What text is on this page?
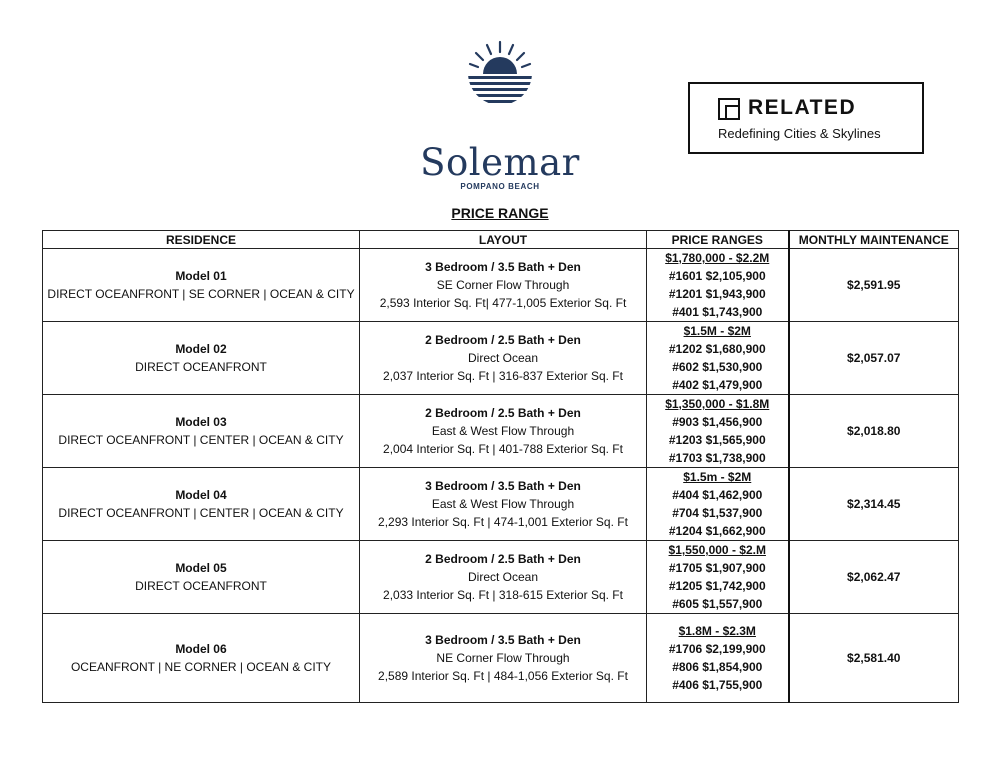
Solemar
POMPANO BEACH
RELATED
Redefining Cities & Skylines
PRICE RANGE
RESIDENCE	LAYOUT	PRICE RANGES	MONTHLY MAINTENANCE
Model 01
DIRECT OCEANFRONT | SE CORNER | OCEAN & CITY	3 Bedroom / 3.5 Bath + Den
SE Corner Flow Through
2,593 Interior Sq. Ft| 477-1,005 Exterior Sq. Ft	$1,780,000 - $2.2M
#1601 $2,105,900
#1201 $1,943,900
#401 $1,743,900	$2,591.95
Model 02
DIRECT OCEANFRONT	2 Bedroom / 2.5 Bath + Den
Direct Ocean
2,037 Interior Sq. Ft | 316-837 Exterior Sq. Ft	$1.5M - $2M
#1202 $1,680,900
#602 $1,530,900
#402 $1,479,900	$2,057.07
Model 03
DIRECT OCEANFRONT | CENTER | OCEAN & CITY	2 Bedroom / 2.5 Bath + Den
East & West Flow Through
2,004 Interior Sq. Ft | 401-788 Exterior Sq. Ft	$1,350,000 - $1.8M
#903 $1,456,900
#1203 $1,565,900
#1703 $1,738,900	$2,018.80
Model 04
DIRECT OCEANFRONT | CENTER | OCEAN & CITY	3 Bedroom / 3.5 Bath + Den
East & West Flow Through
2,293 Interior Sq. Ft | 474-1,001 Exterior Sq. Ft	$1.5m - $2M
#404 $1,462,900
#704 $1,537,900
#1204 $1,662,900	$2,314.45
Model 05
DIRECT OCEANFRONT	2 Bedroom / 2.5 Bath + Den
Direct Ocean
2,033 Interior Sq. Ft | 318-615 Exterior Sq. Ft	$1,550,000 - $2.M
#1705 $1,907,900
#1205 $1,742,900
#605 $1,557,900	$2,062.47
Model 06
OCEANFRONT | NE CORNER | OCEAN & CITY	3 Bedroom / 3.5 Bath + Den
NE Corner Flow Through
2,589 Interior Sq. Ft | 484-1,056 Exterior Sq. Ft	$1.8M - $2.3M
#1706 $2,199,900
#806 $1,854,900
#406 $1,755,900	$2,581.40
